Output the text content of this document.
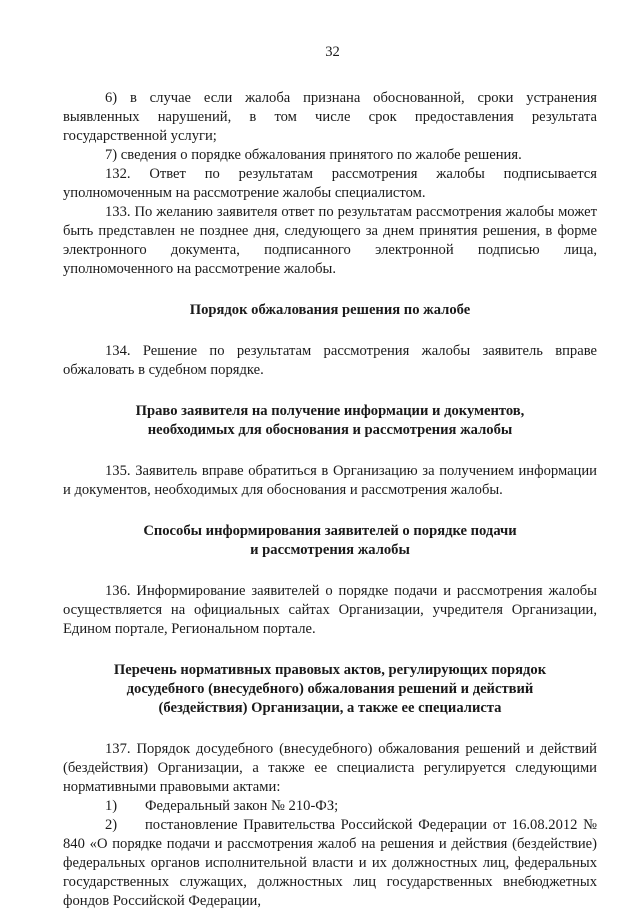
32

6) в случае если жалоба признана обоснованной, сроки устранения выявленных нарушений, в том числе срок предоставления результата государственной услуги;

7) сведения о порядке обжалования принятого по жалобе решения.

132. Ответ по результатам рассмотрения жалобы подписывается уполномоченным на рассмотрение жалобы специалистом.

133. По желанию заявителя ответ по результатам рассмотрения жалобы может быть представлен не позднее дня, следующего за днем принятия решения, в форме электронного документа, подписанного электронной подписью лица, уполномоченного на рассмотрение жалобы.

Порядок обжалования решения по жалобе

134. Решение по результатам рассмотрения жалобы заявитель вправе обжаловать в судебном порядке.

Право заявителя на получение информации и документов,
необходимых для обоснования и рассмотрения жалобы

135. Заявитель вправе обратиться в Организацию за получением информации и документов, необходимых для обоснования и рассмотрения жалобы.

Способы информирования заявителей о порядке подачи
и рассмотрения жалобы

136. Информирование заявителей о порядке подачи и рассмотрения жалобы осуществляется на официальных сайтах Организации, учредителя Организации, Едином портале, Региональном портале.

Перечень нормативных правовых актов, регулирующих порядок
досудебного (внесудебного) обжалования решений и действий
(бездействия) Организации, а также ее специалиста

137. Порядок досудебного (внесудебного) обжалования решений и действий (бездействия) Организации, а также ее специалиста регулируется следующими нормативными правовыми актами:

1)	Федеральный закон № 210-ФЗ;

2) постановление Правительства Российской Федерации от 16.08.2012 № 840 «О порядке подачи и рассмотрения жалоб на решения и действия (бездействие) федеральных органов исполнительной власти и их должностных лиц, федеральных государственных служащих, должностных лиц государственных внебюджетных фондов Российской Федерации,
